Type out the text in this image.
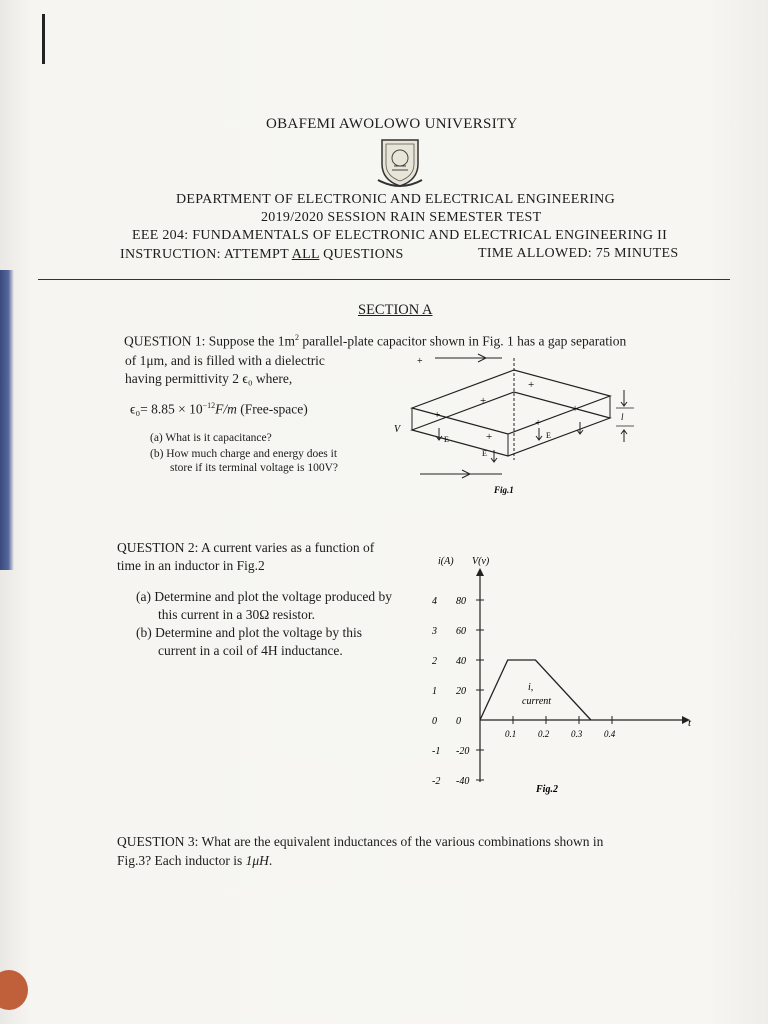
OBAFEMI AWOLOWO UNIVERSITY
DEPARTMENT OF ELECTRONIC AND ELECTRICAL ENGINEERING
2019/2020 SESSION RAIN SEMESTER TEST
EEE 204: FUNDAMENTALS OF ELECTRONIC AND ELECTRICAL ENGINEERING II
INSTRUCTION: ATTEMPT ALL QUESTIONS	TIME ALLOWED: 75 MINUTES
SECTION A
QUESTION 1: Suppose the $1m^2$ parallel-plate capacitor shown in Fig. 1 has a gap separation
of 1μm, and is filled with a dielectric
having permittivity 2 ϵ₀ where,
$\epsilon_0= 8.85 \times 10^{-12}F/m$ (Free-space)
(a) What is it capacitance?
(b) How much charge and energy does it
store if its terminal voltage is 100V?
+
+
+
+	+
+
+
E	E
E
V
l
Fig.1
QUESTION 2: A current varies as a function of
time in an inductor in Fig.2
(a) Determine and plot the voltage produced by
this current in a 30Ω resistor.
(b) Determine and plot the voltage by this
current in a coil of 4H inductance.
i(A) V(v)
t
i,
current
Fig.2
4 80
3 60
2 40
1 20
0 0
-1 -20
-2 -40
0.1 0.2 0.3 0.4
QUESTION 3: What are the equivalent inductances of the various combinations shown in
Fig.3? Each inductor is 1μH.
